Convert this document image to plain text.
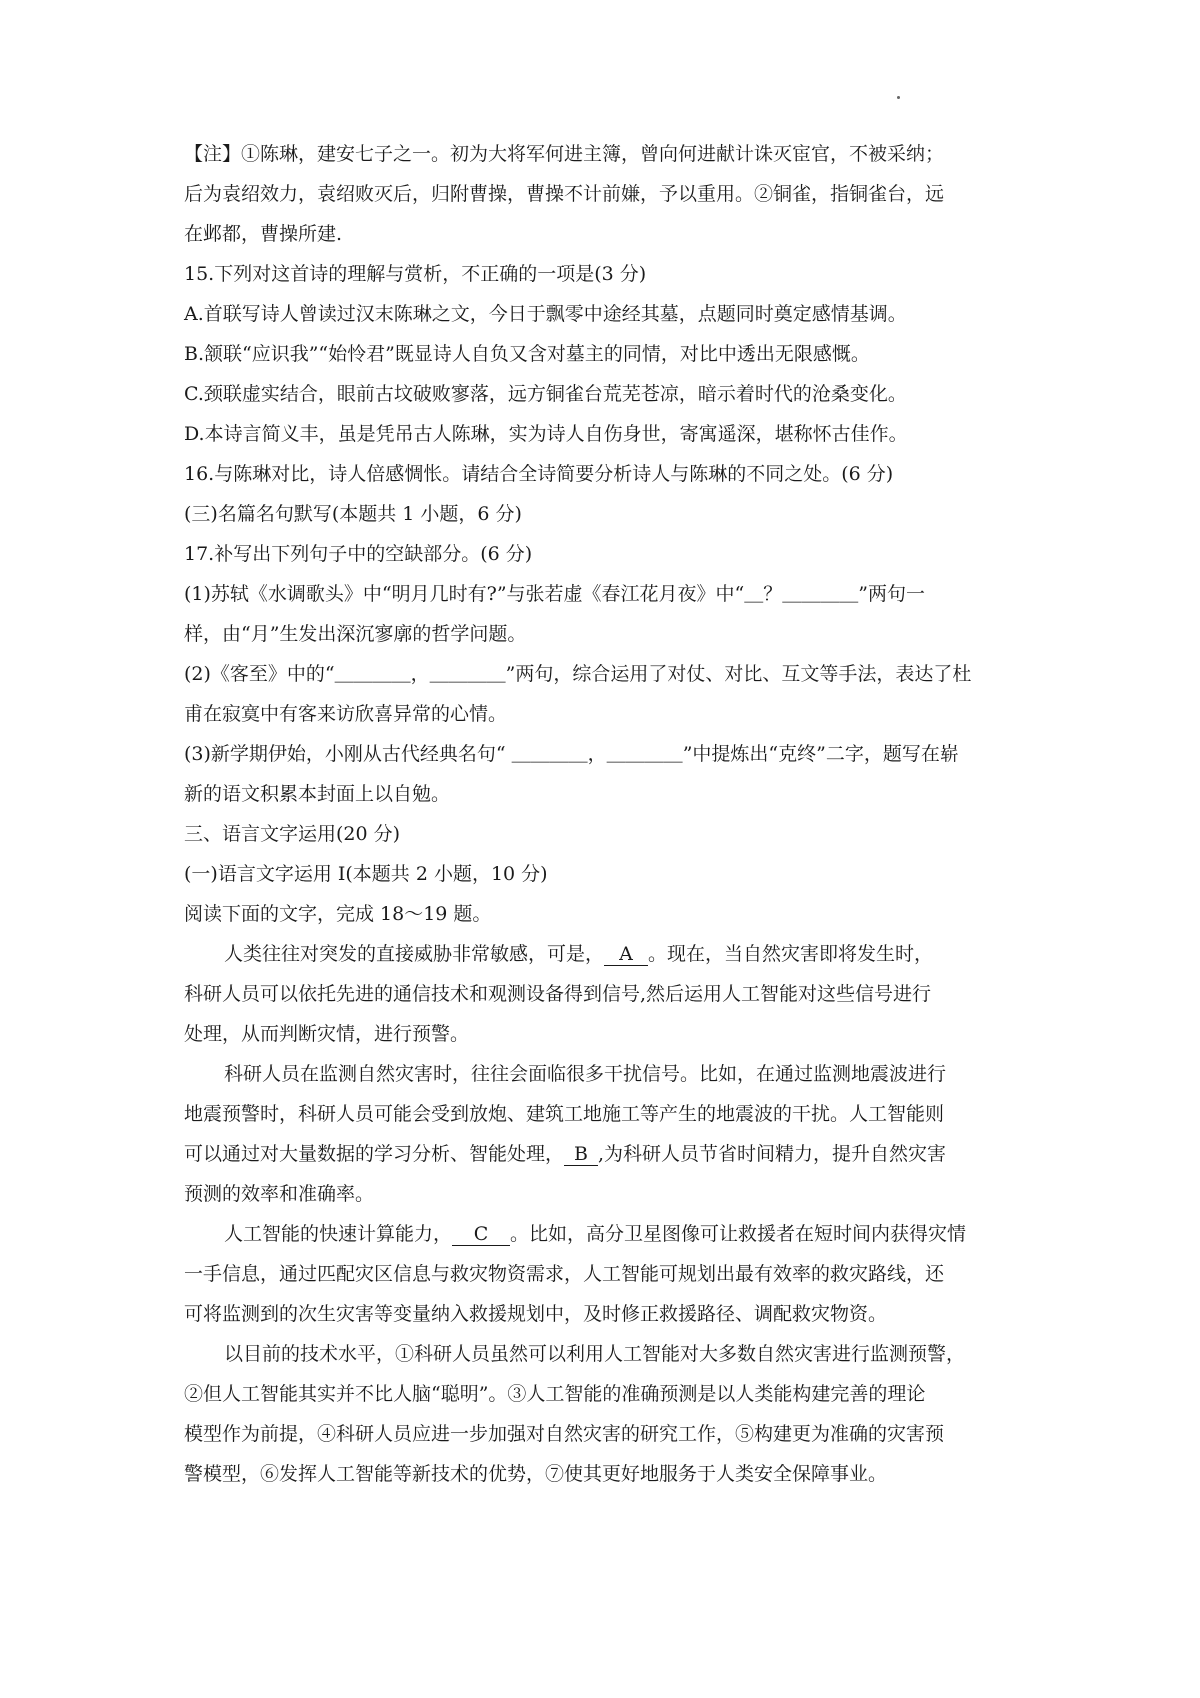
【注】①陈琳，建安七子之一。初为大将军何进主簿，曾向何进献计诛灭宦官，不被采纳；
后为袁绍效力，袁绍败灭后，归附曹操，曹操不计前嫌，予以重用。②铜雀，指铜雀台，远
在邺都，曹操所建.
15.下列对这首诗的理解与赏析，不正确的一项是(3 分)
A.首联写诗人曾读过汉末陈琳之文，今日于飘零中途经其墓，点题同时奠定感情基调。
B.颔联“应识我”“始怜君”既显诗人自负又含对墓主的同情，对比中透出无限感慨。
C.颈联虚实结合，眼前古坟破败寥落，远方铜雀台荒芜苍凉，暗示着时代的沧桑变化。
D.本诗言简义丰，虽是凭吊古人陈琳，实为诗人自伤身世，寄寓遥深，堪称怀古佳作。
16.与陈琳对比，诗人倍感惆怅。请结合全诗简要分析诗人与陈琳的不同之处。(6 分)
(三)名篇名句默写(本题共 1 小题，6 分)
17.补写出下列句子中的空缺部分。(6 分)
(1)苏轼《水调歌头》中“明月几时有?”与张若虚《春江花月夜》中“＿？＿＿＿＿”两句一
样，由“月”生发出深沉寥廓的哲学问题。
(2)《客至》中的“＿＿＿＿，＿＿＿＿”两句，综合运用了对仗、对比、互文等手法，表达了杜
甫在寂寞中有客来访欣喜异常的心情。
(3)新学期伊始，小刚从古代经典名句“ ＿＿＿＿，＿＿＿＿”中提炼出“克终”二字，题写在崭
新的语文积累本封面上以自勉。
三、语言文字运用(20 分)
(一)语言文字运用 I(本题共 2 小题，10 分)
阅读下面的文字，完成 18～19 题。
人类往往对突发的直接威胁非常敏感，可是， A 。现在，当自然灾害即将发生时，
科研人员可以依托先进的通信技术和观测设备得到信号,然后运用人工智能对这些信号进行
处理，从而判断灾情，进行预警。
科研人员在监测自然灾害时，往往会面临很多干扰信号。比如，在通过监测地震波进行
地震预警时，科研人员可能会受到放炮、建筑工地施工等产生的地震波的干扰。人工智能则
可以通过对大量数据的学习分析、智能处理， B ,为科研人员节省时间精力，提升自然灾害
预测的效率和准确率。
人工智能的快速计算能力， C 。比如，高分卫星图像可让救援者在短时间内获得灾情
一手信息，通过匹配灾区信息与救灾物资需求，人工智能可规划出最有效率的救灾路线，还
可将监测到的次生灾害等变量纳入救援规划中，及时修正救援路径、调配救灾物资。
以目前的技术水平，①科研人员虽然可以利用人工智能对大多数自然灾害进行监测预警，
②但人工智能其实并不比人脑“聪明”。③人工智能的准确预测是以人类能构建完善的理论
模型作为前提，④科研人员应进一步加强对自然灾害的研究工作，⑤构建更为准确的灾害预
警模型，⑥发挥人工智能等新技术的优势，⑦使其更好地服务于人类安全保障事业。
